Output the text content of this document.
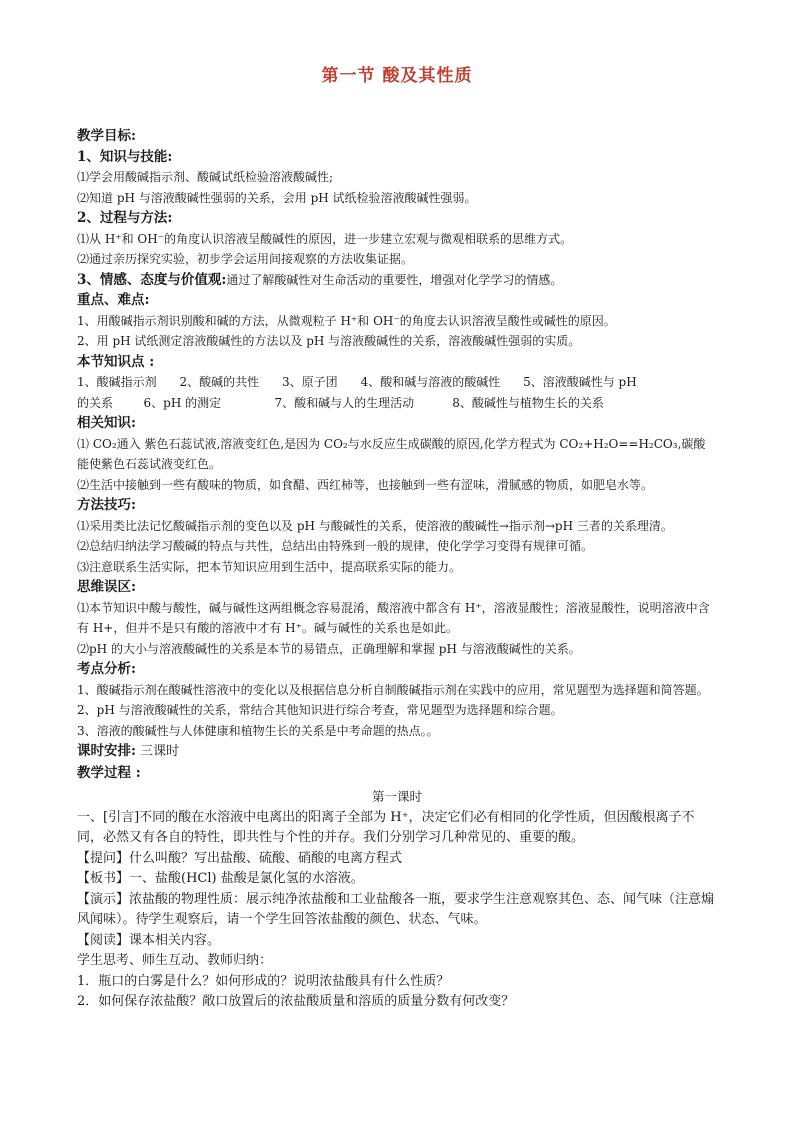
第一节 酸及其性质
教学目标:
1、知识与技能:
⑴学会用酸碱指示剂、酸碱试纸检验溶液酸碱性;
⑵知道 pH 与溶液酸碱性强弱的关系，会用 pH 试纸检验溶液酸碱性强弱。
2、过程与方法:
⑴从 H⁺和 OH⁻的角度认识溶液呈酸碱性的原因，进一步建立宏观与微观相联系的思维方式。
⑵通过亲历探究实验，初步学会运用间接观察的方法收集证据。
3、情感、态度与价值观:通过了解酸碱性对生命活动的重要性，增强对化学学习的情感。
重点、难点:
1、用酸碱指示剂识别酸和碱的方法，从微观粒子 H⁺和 OH⁻的角度去认识溶液呈酸性或碱性的原因。
2、用 pH 试纸测定溶液酸碱性的方法以及 pH 与溶液酸碱性的关系，溶液酸碱性强弱的实质。
本节知识点 :
1、酸碱指示剂      2、酸碱的共性      3、原子团      4、酸和碱与溶液的酸碱性      5、溶液酸碱性与 pH
的关系        6、pH 的测定              7、酸和碱与人的生理活动          8、酸碱性与植物生长的关系
相关知识:
⑴ CO₂通入 紫色石蕊试液,溶液变红色,是因为 CO₂与水反应生成碳酸的原因,化学方程式为 CO₂+H₂O==H₂CO₃,碳酸能使紫色石蕊试液变红色。
⑵生活中接触到一些有酸味的物质，如食醋、西红柿等，也接触到一些有涩味，滑腻感的物质，如肥皂水等。
方法技巧:
⑴采用类比法记忆酸碱指示剂的变色以及 pH 与酸碱性的关系，使溶液的酸碱性→指示剂→pH 三者的关系理清。
⑵总结归纳法学习酸碱的特点与共性，总结出由特殊到一般的规律，使化学学习变得有规律可循。
⑶注意联系生活实际，把本节知识应用到生活中，提高联系实际的能力。
思维误区:
⑴本节知识中酸与酸性，碱与碱性这两组概念容易混淆，酸溶液中都含有 H⁺，溶液显酸性；溶液显酸性，说明溶液中含有 H+，但并不是只有酸的溶液中才有 H⁺。碱与碱性的关系也是如此。
⑵pH 的大小与溶液酸碱性的关系是本节的易错点，正确理解和掌握 pH 与溶液酸碱性的关系。
考点分析:
1、酸碱指示剂在酸碱性溶液中的变化以及根据信息分析自制酸碱指示剂在实践中的应用，常见题型为选择题和简答题。
2、pH 与溶液酸碱性的关系，常结合其他知识进行综合考查，常见题型为选择题和综合题。
3、溶液的酸碱性与人体健康和植物生长的关系是中考命题的热点。。
课时安排: 三课时
教学过程 :
第一课时
一、[引言]不同的酸在水溶液中电离出的阳离子全部为 H⁺，决定它们必有相同的化学性质，但因酸根离子不同，必然又有各自的特性，即共性与个性的并存。我们分别学习几种常见的、重要的酸。
【提问】什么叫酸？写出盐酸、硫酸、硝酸的电离方程式
【板书】一、盐酸(HCl) 盐酸是氯化氢的水溶液。
【演示】浓盐酸的物理性质：展示纯净浓盐酸和工业盐酸各一瓶，要求学生注意观察其色、态、闻气味（注意煽风闻味）。待学生观察后，请一个学生回答浓盐酸的颜色、状态、气味。
【阅读】课本相关内容。
学生思考、师生互动、教师归纳：
1．瓶口的白雾是什么？如何形成的？说明浓盐酸具有什么性质？
2．如何保存浓盐酸？敞口放置后的浓盐酸质量和溶质的质量分数有何改变？
